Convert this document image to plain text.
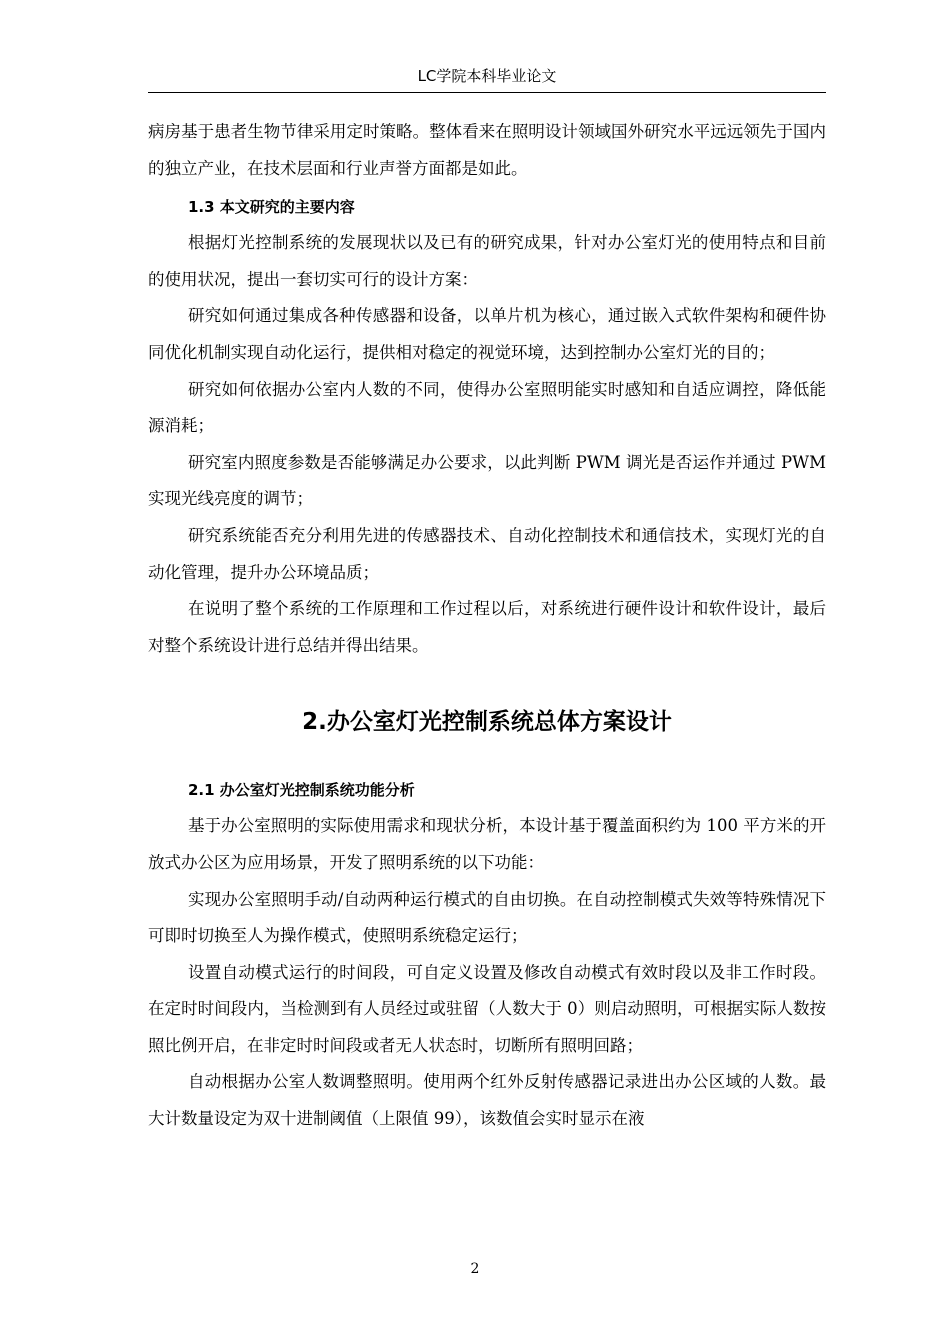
LC学院本科毕业论文

病房基于患者生物节律采用定时策略。整体看来在照明设计领域国外研究水平远远领先于国内的独立产业，在技术层面和行业声誉方面都是如此。

1.3 本文研究的主要内容

根据灯光控制系统的发展现状以及已有的研究成果，针对办公室灯光的使用特点和目前的使用状况，提出一套切实可行的设计方案：

研究如何通过集成各种传感器和设备，以单片机为核心，通过嵌入式软件架构和硬件协同优化机制实现自动化运行，提供相对稳定的视觉环境，达到控制办公室灯光的目的；

研究如何依据办公室内人数的不同，使得办公室照明能实时感知和自适应调控，降低能源消耗；

研究室内照度参数是否能够满足办公要求，以此判断 PWM 调光是否运作并通过 PWM 实现光线亮度的调节；

研究系统能否充分利用先进的传感器技术、自动化控制技术和通信技术，实现灯光的自动化管理，提升办公环境品质；

在说明了整个系统的工作原理和工作过程以后，对系统进行硬件设计和软件设计，最后对整个系统设计进行总结并得出结果。

2.办公室灯光控制系统总体方案设计
2.1 办公室灯光控制系统功能分析

基于办公室照明的实际使用需求和现状分析，本设计基于覆盖面积约为 100 平方米的开放式办公区为应用场景，开发了照明系统的以下功能：

实现办公室照明手动/自动两种运行模式的自由切换。在自动控制模式失效等特殊情况下可即时切换至人为操作模式，使照明系统稳定运行；

设置自动模式运行的时间段，可自定义设置及修改自动模式有效时段以及非工作时段。在定时时间段内，当检测到有人员经过或驻留（人数大于 0）则启动照明，可根据实际人数按照比例开启，在非定时时间段或者无人状态时，切断所有照明回路；

自动根据办公室人数调整照明。使用两个红外反射传感器记录进出办公区域的人数。最大计数量设定为双十进制阈值（上限值 99），该数值会实时显示在液

2
